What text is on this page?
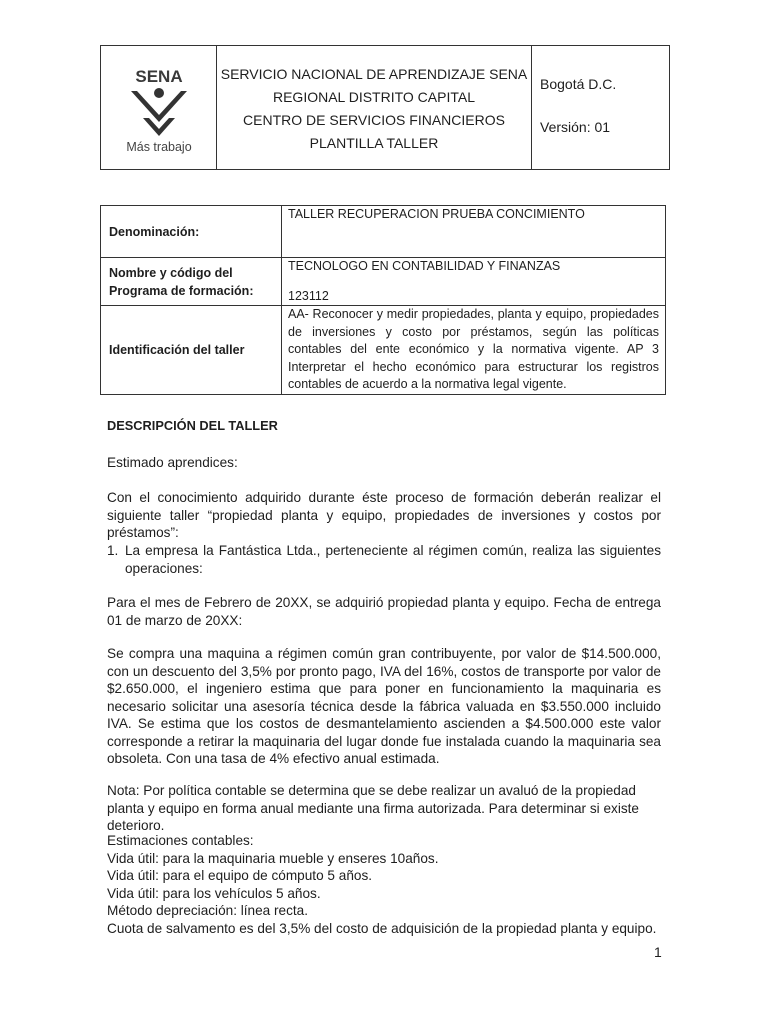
SENA
Más trabajo
SERVICIO NACIONAL DE APRENDIZAJE SENA
REGIONAL DISTRITO CAPITAL
CENTRO DE SERVICIOS FINANCIEROS
PLANTILLA TALLER
Bogotá D.C.
Versión: 01
Denominación:	TALLER RECUPERACION PRUEBA CONCIMIENTO

Nombre y código del Programa de formación:	TECNOLOGO EN CONTABILIDAD Y FINANZAS

123112

Identificación del taller	AA- Reconocer y medir propiedades, planta y equipo, propiedades de inversiones y costo por préstamos, según las políticas contables del ente económico y la normativa vigente. AP 3 Interpretar el hecho económico para estructurar los registros contables de acuerdo a la normativa legal vigente.

DESCRIPCIÓN DEL TALLER

Estimado aprendices:

Con el conocimiento adquirido durante éste proceso de formación deberán realizar el siguiente taller “propiedad planta y equipo, propiedades de inversiones y costos por préstamos”:

1. La empresa la Fantástica Ltda., perteneciente al régimen común, realiza las siguientes operaciones:

Para el mes de Febrero de 20XX, se adquirió propiedad planta y equipo. Fecha de entrega 01 de marzo de 20XX:

Se compra una maquina a régimen común gran contribuyente, por valor de $14.500.000, con un descuento del 3,5% por pronto pago, IVA del 16%, costos de transporte por valor de $2.650.000, el ingeniero estima que para poner en funcionamiento la maquinaria es necesario solicitar una asesoría técnica desde la fábrica valuada en $3.550.000 incluido IVA. Se estima que los costos de desmantelamiento ascienden a $4.500.000 este valor corresponde a retirar la maquinaria del lugar donde fue instalada cuando la maquinaria sea obsoleta. Con una tasa de 4% efectivo anual estimada.

Nota: Por política contable se determina que se debe realizar un avaluó de la propiedad planta y equipo en forma anual mediante una firma autorizada. Para determinar si existe deterioro.

Estimaciones contables:
Vida útil: para la maquinaria mueble y enseres 10años.
Vida útil: para el equipo de cómputo 5 años.
Vida útil: para los vehículos 5 años.
Método depreciación: línea recta.
Cuota de salvamento es del 3,5% del costo de adquisición de la propiedad planta y equipo.
1
